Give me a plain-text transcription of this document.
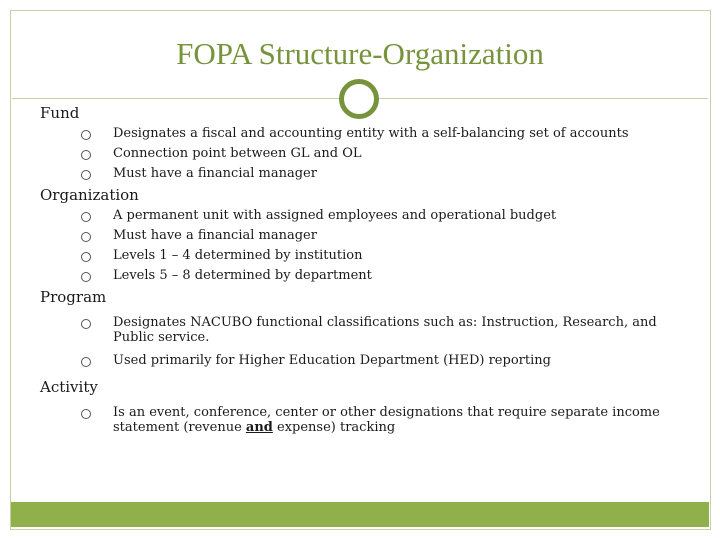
FOPA Structure-Organization
Fund
Designates a fiscal and accounting entity with a self-balancing set of accounts
Connection point between GL and OL
Must have a financial manager
Organization
A permanent unit with assigned employees and operational budget
Must have a financial manager
Levels 1 – 4 determined by institution
Levels 5 – 8 determined by department
Program
Designates NACUBO functional classifications such as: Instruction, Research, and Public service.
Used primarily for Higher Education Department (HED) reporting
Activity
Is an event, conference, center or other designations that require separate income statement (revenue and expense) tracking
